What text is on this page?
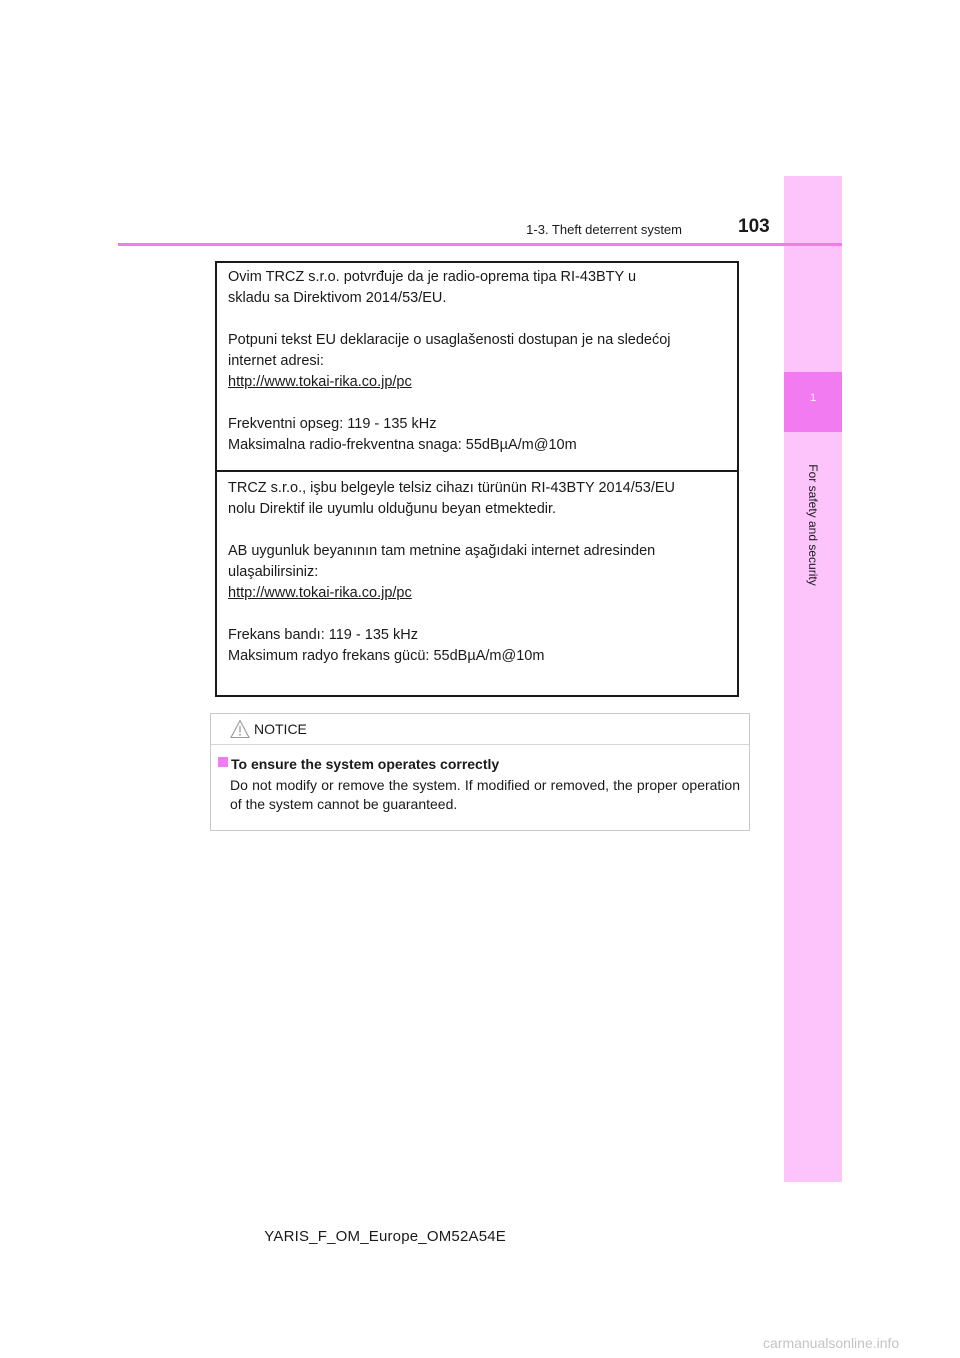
1
For safety and security
1-3. Theft deterrent system	103
Ovim TRCZ s.r.o. potvrđuje da je radio-oprema tipa RI-43BTY u
skladu sa Direktivom 2014/53/EU.
Potpuni tekst EU deklaracije o usaglašenosti dostupan je na sledećoj
internet adresi:
http://www.tokai-rika.co.jp/pc
Frekventni opseg: 119 - 135 kHz
Maksimalna radio-frekventna snaga: 55dBµA/m@10m
TRCZ s.r.o., işbu belgeyle telsiz cihazı türünün RI-43BTY 2014/53/EU
nolu Direktif ile uyumlu olduğunu beyan etmektedir.
AB uygunluk beyanının tam metnine aşağıdaki internet adresinden
ulaşabilirsiniz:
http://www.tokai-rika.co.jp/pc
Frekans bandı: 119 - 135 kHz
Maksimum radyo frekans gücü: 55dBµA/m@10m
NOTICE
To ensure the system operates correctly
Do not modify or remove the system. If modified or removed, the proper operation of the system cannot be guaranteed.
YARIS_F_OM_Europe_OM52A54E
carmanualsonline.info
